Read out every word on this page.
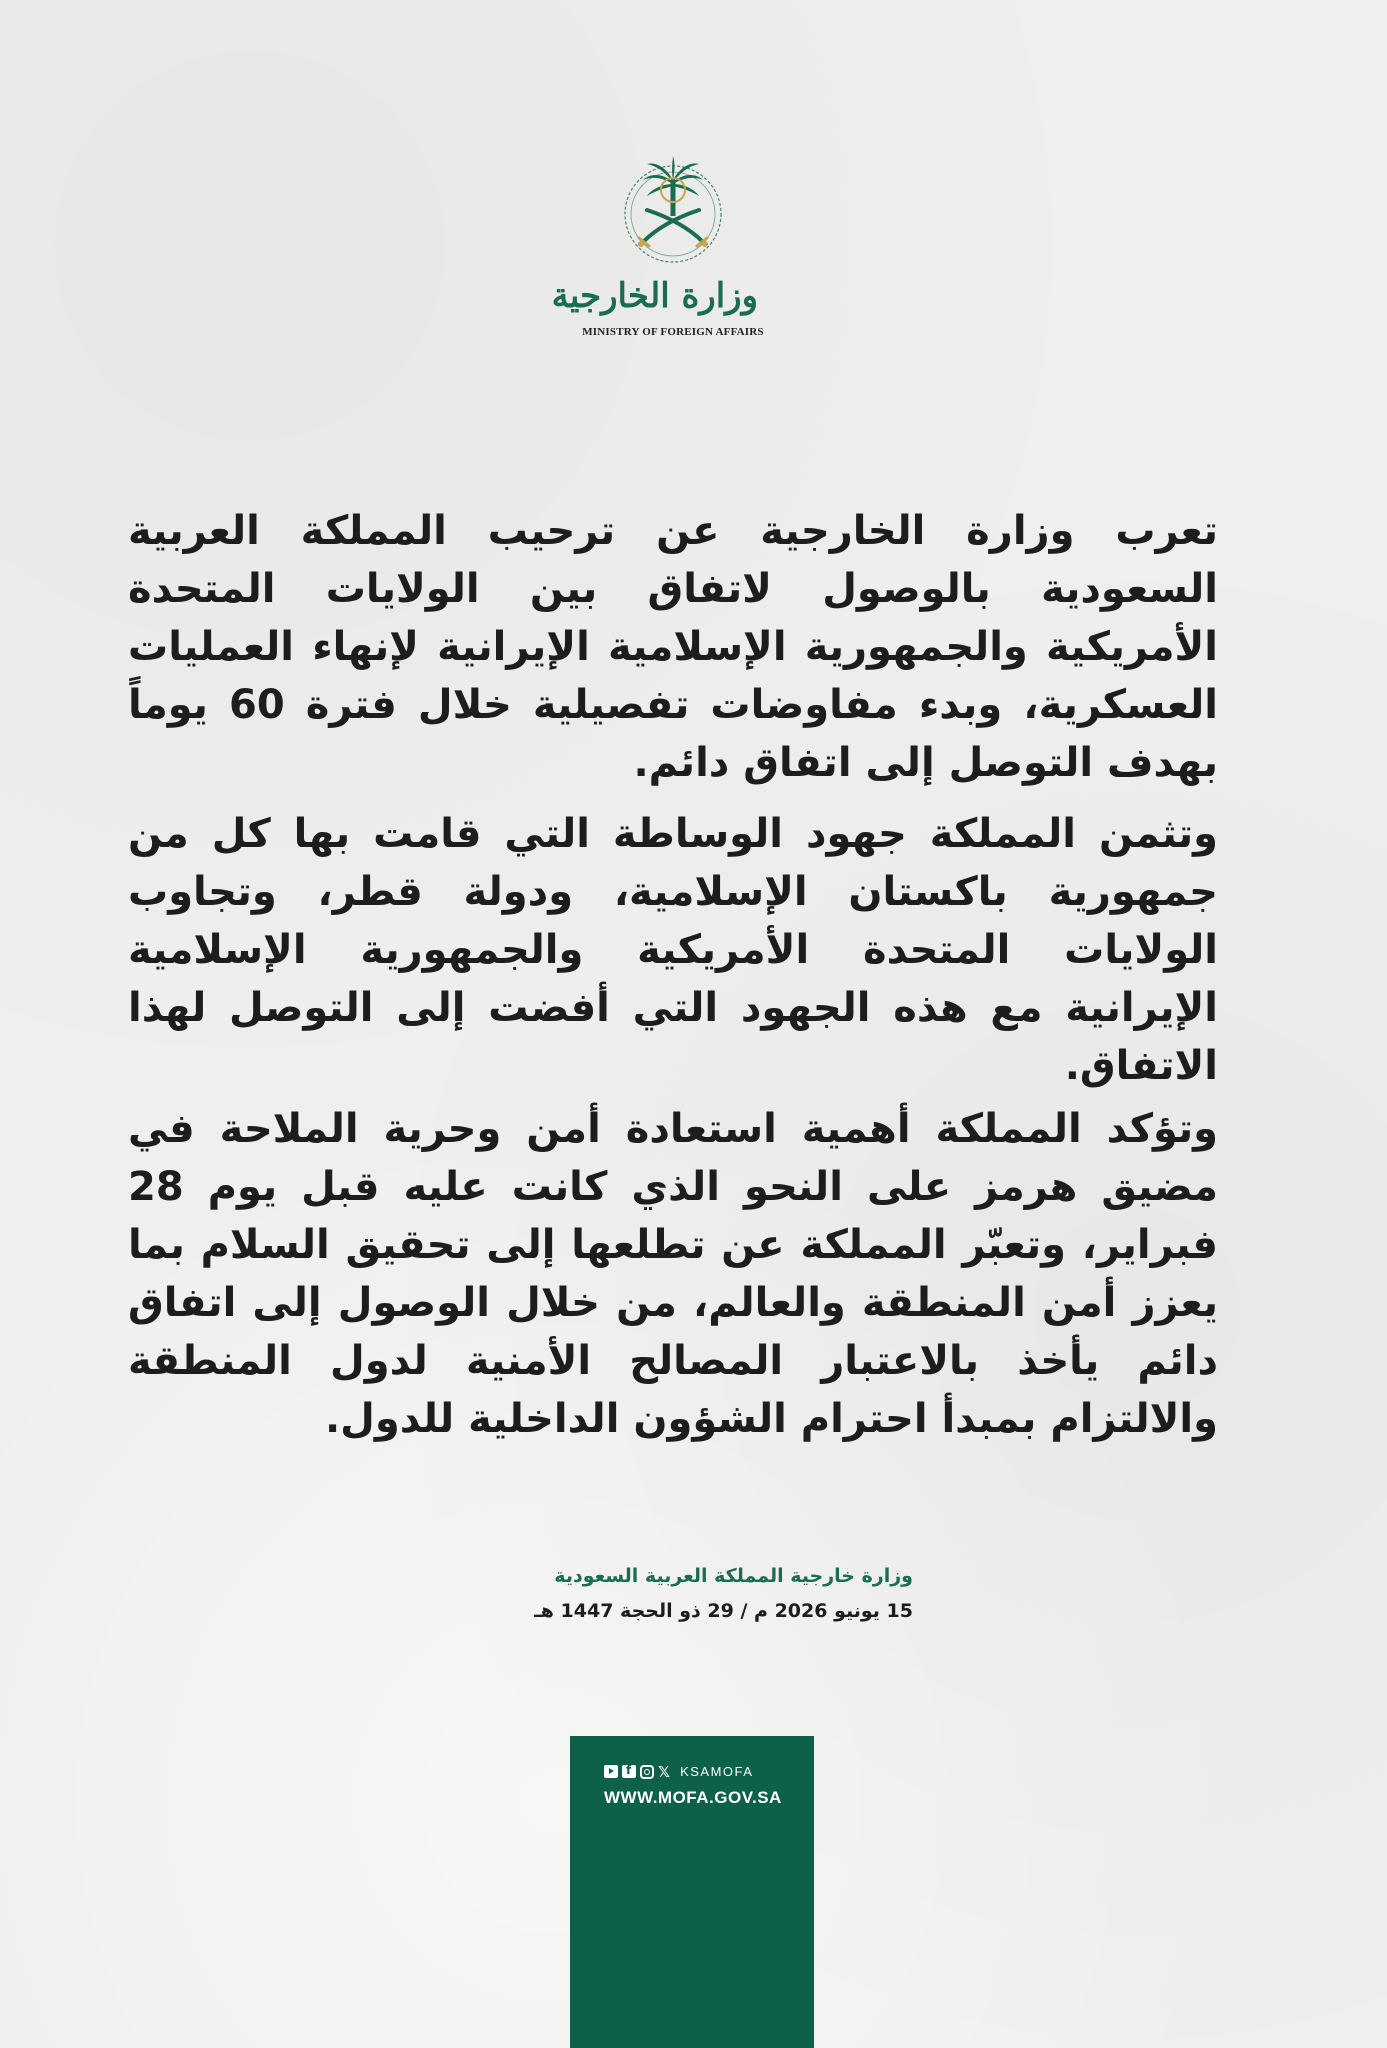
وزارة الخارجية
MINISTRY OF FOREIGN AFFAIRS

تعرب وزارة الخارجية عن ترحيب المملكة العربية السعودية بالوصول لاتفاق بين الولايات المتحدة الأمريكية والجمهورية الإسلامية الإيرانية لإنهاء العمليات العسكرية، وبدء مفاوضات تفصيلية خلال فترة 60 يوماً بهدف التوصل إلى اتفاق دائم.

وتثمن المملكة جهود الوساطة التي قامت بها كل من جمهورية باكستان الإسلامية، ودولة قطر، وتجاوب الولايات المتحدة الأمريكية والجمهورية الإسلامية الإيرانية مع هذه الجهود التي أفضت إلى التوصل لهذا الاتفاق.

وتؤكد المملكة أهمية استعادة أمن وحرية الملاحة في مضيق هرمز على النحو الذي كانت عليه قبل يوم 28 فبراير، وتعبّر المملكة عن تطلعها إلى تحقيق السلام بما يعزز أمن المنطقة والعالم، من خلال الوصول إلى اتفاق دائم يأخذ بالاعتبار المصالح الأمنية لدول المنطقة والالتزام بمبدأ احترام الشؤون الداخلية للدول.

وزارة خارجية المملكة العربية السعودية
15 يونيو 2026 م / 29 ذو الحجة 1447 هـ
f
𝕏 KSAMOFA
WWW.MOFA.GOV.SA
